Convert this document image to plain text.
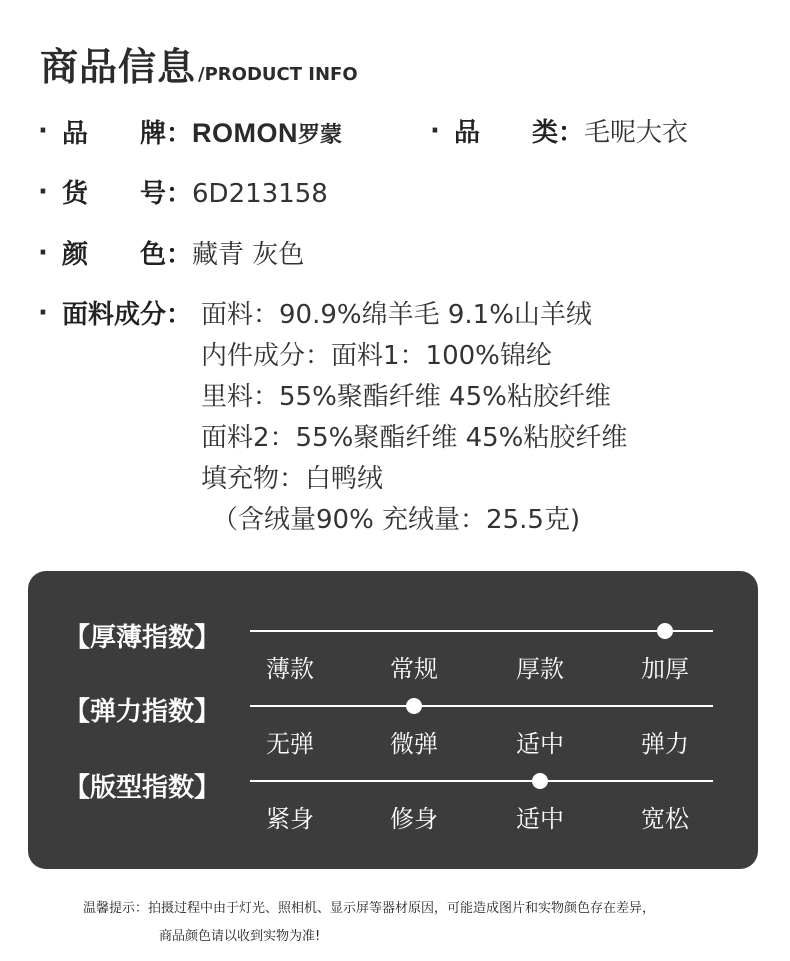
商品信息 /PRODUCT INFO
· 品　　牌：ROMON罗蒙	· 品　　类：毛呢大衣
· 货　　号：6D213158
· 颜　　色：藏青 灰色
· 面料成分： 面料：90.9%绵羊毛 9.1%山羊绒
内件成分：面料1：100%锦纶
里料：55%聚酯纤维 45%粘胶纤维
面料2：55%聚酯纤维 45%粘胶纤维
填充物：白鸭绒
（含绒量90% 充绒量：25.5克)
【厚薄指数】
薄款	常规	厚款	加厚
【弹力指数】
无弹	微弹	适中	弹力
【版型指数】
紧身	修身	适中	宽松
温馨提示：拍摄过程中由于灯光、照相机、显示屏等器材原因，可能造成图片和实物颜色存在差异，
商品颜色请以收到实物为准!
